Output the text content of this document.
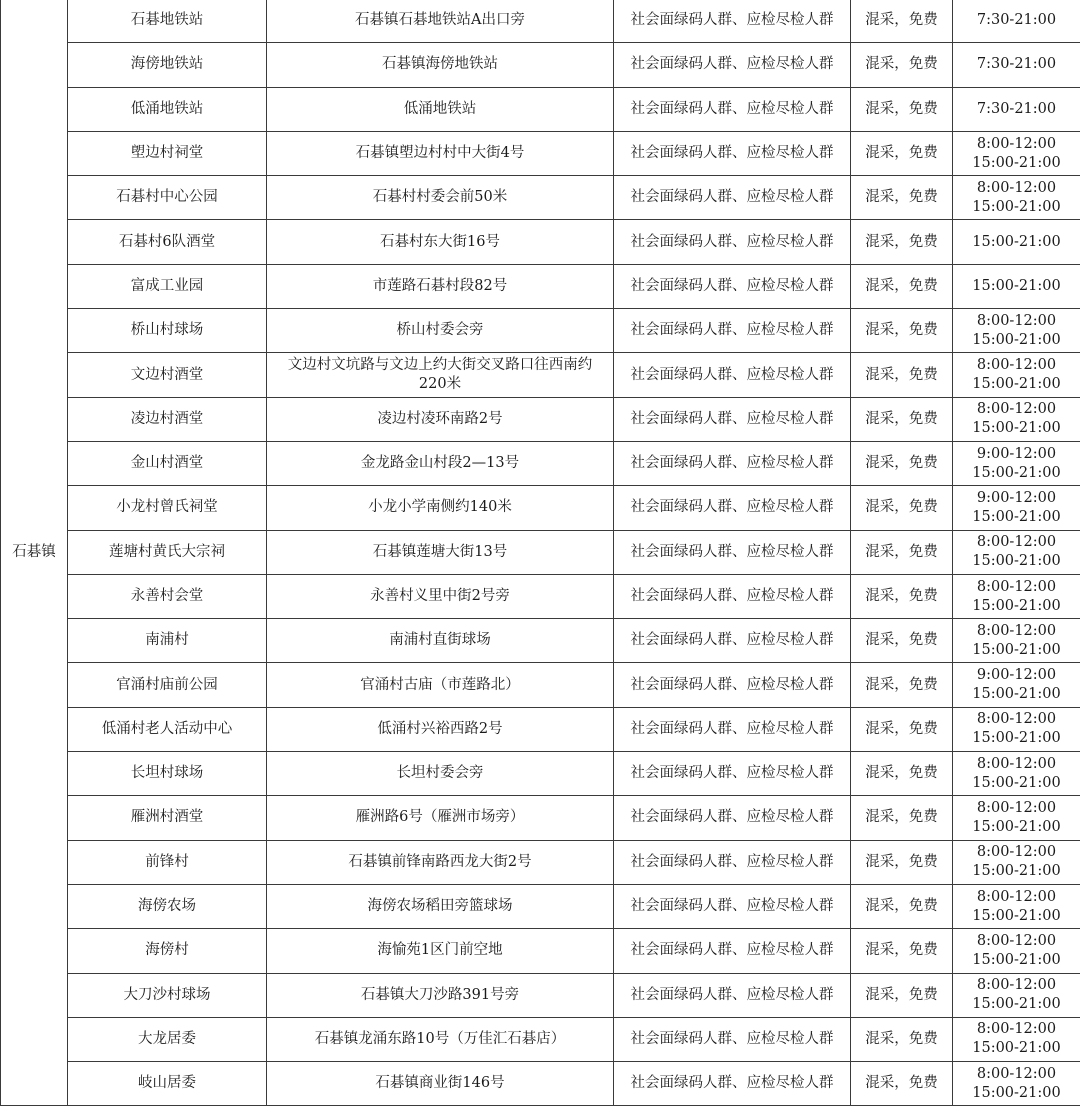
石碁镇	石碁地铁站	石碁镇石碁地铁站A出口旁	社会面绿码人群、应检尽检人群	混采，免费	7:30-21:00

	海傍地铁站	石碁镇海傍地铁站	社会面绿码人群、应检尽检人群	混采，免费	7:30-21:00

	低涌地铁站	低涌地铁站	社会面绿码人群、应检尽检人群	混采，免费	7:30-21:00

	塱边村祠堂	石碁镇塱边村村中大街4号	社会面绿码人群、应检尽检人群	混采，免费	8:00-12:00
15:00-21:00

	石碁村中心公园	石碁村村委会前50米	社会面绿码人群、应检尽检人群	混采，免费	8:00-12:00
15:00-21:00

	石碁村6队酒堂	石碁村东大街16号	社会面绿码人群、应检尽检人群	混采，免费	15:00-21:00

	富成工业园	市莲路石碁村段82号	社会面绿码人群、应检尽检人群	混采，免费	15:00-21:00

	桥山村球场	桥山村委会旁	社会面绿码人群、应检尽检人群	混采，免费	8:00-12:00
15:00-21:00

	文边村酒堂	文边村文坑路与文边上约大街交叉路口往西南约220米	社会面绿码人群、应检尽检人群	混采，免费	8:00-12:00
15:00-21:00

	凌边村酒堂	凌边村凌环南路2号	社会面绿码人群、应检尽检人群	混采，免费	8:00-12:00
15:00-21:00

	金山村酒堂	金龙路金山村段2—13号	社会面绿码人群、应检尽检人群	混采，免费	9:00-12:00
15:00-21:00

	小龙村曾氏祠堂	小龙小学南侧约140米	社会面绿码人群、应检尽检人群	混采，免费	9:00-12:00
15:00-21:00

	莲塘村黄氏大宗祠	石碁镇莲塘大街13号	社会面绿码人群、应检尽检人群	混采，免费	8:00-12:00
15:00-21:00

	永善村会堂	永善村义里中街2号旁	社会面绿码人群、应检尽检人群	混采，免费	8:00-12:00
15:00-21:00

	南浦村	南浦村直街球场	社会面绿码人群、应检尽检人群	混采，免费	8:00-12:00
15:00-21:00

	官涌村庙前公园	官涌村古庙（市莲路北）	社会面绿码人群、应检尽检人群	混采，免费	9:00-12:00
15:00-21:00

	低涌村老人活动中心	低涌村兴裕西路2号	社会面绿码人群、应检尽检人群	混采，免费	8:00-12:00
15:00-21:00

	长坦村球场	长坦村委会旁	社会面绿码人群、应检尽检人群	混采，免费	8:00-12:00
15:00-21:00

	雁洲村酒堂	雁洲路6号（雁洲市场旁）	社会面绿码人群、应检尽检人群	混采，免费	8:00-12:00
15:00-21:00

	前锋村	石碁镇前锋南路西龙大街2号	社会面绿码人群、应检尽检人群	混采，免费	8:00-12:00
15:00-21:00

	海傍农场	海傍农场稻田旁篮球场	社会面绿码人群、应检尽检人群	混采，免费	8:00-12:00
15:00-21:00

	海傍村	海愉苑1区门前空地	社会面绿码人群、应检尽检人群	混采，免费	8:00-12:00
15:00-21:00

	大刀沙村球场	石碁镇大刀沙路391号旁	社会面绿码人群、应检尽检人群	混采，免费	8:00-12:00
15:00-21:00

	大龙居委	石碁镇龙涌东路10号（万佳汇石碁店）	社会面绿码人群、应检尽检人群	混采，免费	8:00-12:00
15:00-21:00

	岐山居委	石碁镇商业街146号	社会面绿码人群、应检尽检人群	混采，免费	8:00-12:00
15:00-21:00
